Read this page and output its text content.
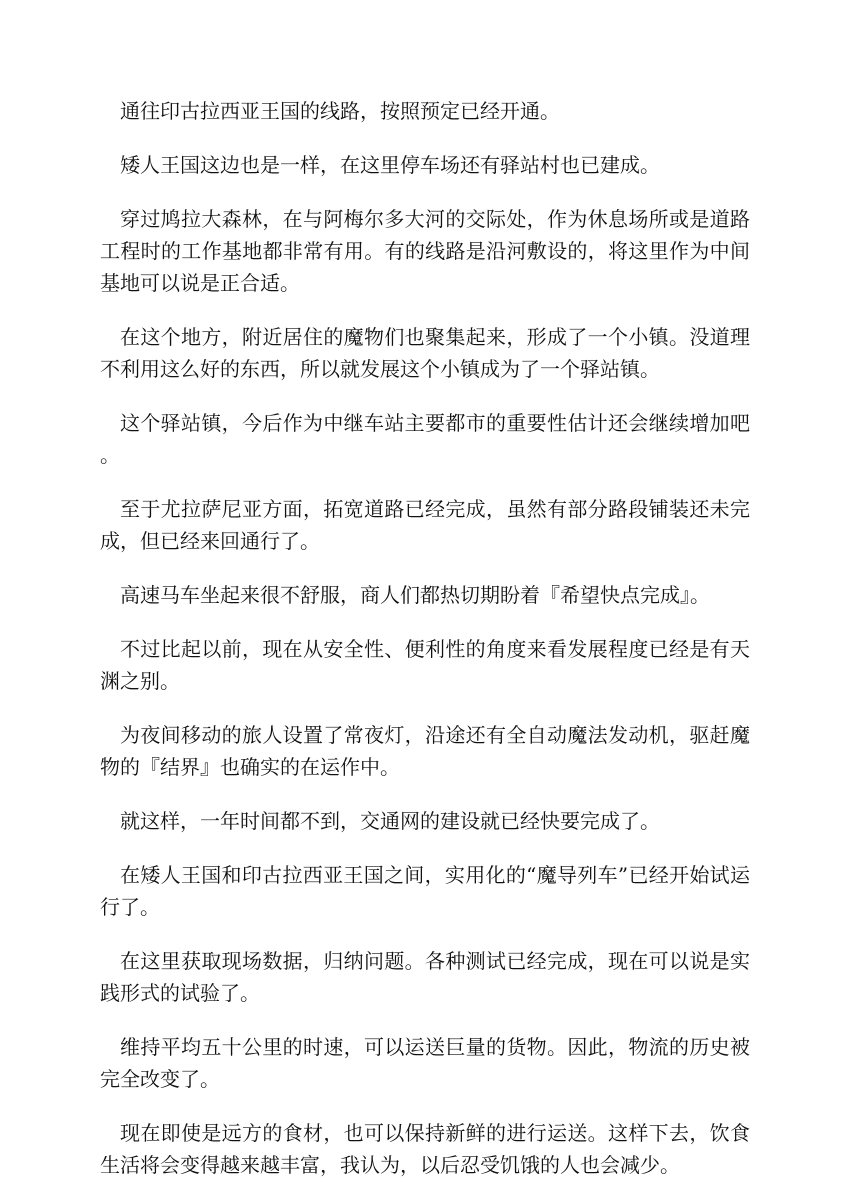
通往印古拉西亚王国的线路，按照预定已经开通。

矮人王国这边也是一样，在这里停车场还有驿站村也已建成。

穿过鸠拉大森林，在与阿梅尔多大河的交际处，作为休息场所或是道路工程时的工作基地都非常有用。有的线路是沿河敷设的，将这里作为中间基地可以说是正合适。

在这个地方，附近居住的魔物们也聚集起来，形成了一个小镇。没道理不利用这么好的东西，所以就发展这个小镇成为了一个驿站镇。

这个驿站镇，今后作为中继车站主要都市的重要性估计还会继续增加吧。

至于尤拉萨尼亚方面，拓宽道路已经完成，虽然有部分路段铺装还未完成，但已经来回通行了。

高速马车坐起来很不舒服，商人们都热切期盼着『希望快点完成』。

不过比起以前，现在从安全性、便利性的角度来看发展程度已经是有天渊之别。

为夜间移动的旅人设置了常夜灯，沿途还有全自动魔法发动机，驱赶魔物的『结界』也确实的在运作中。

就这样，一年时间都不到，交通网的建设就已经快要完成了。

在矮人王国和印古拉西亚王国之间，实用化的“魔导列车”已经开始试运行了。

在这里获取现场数据，归纳问题。各种测试已经完成，现在可以说是实践形式的试验了。

维持平均五十公里的时速，可以运送巨量的货物。因此，物流的历史被完全改变了。

现在即使是远方的食材，也可以保持新鲜的进行运送。这样下去，饮食生活将会变得越来越丰富，我认为，以后忍受饥饿的人也会减少。
